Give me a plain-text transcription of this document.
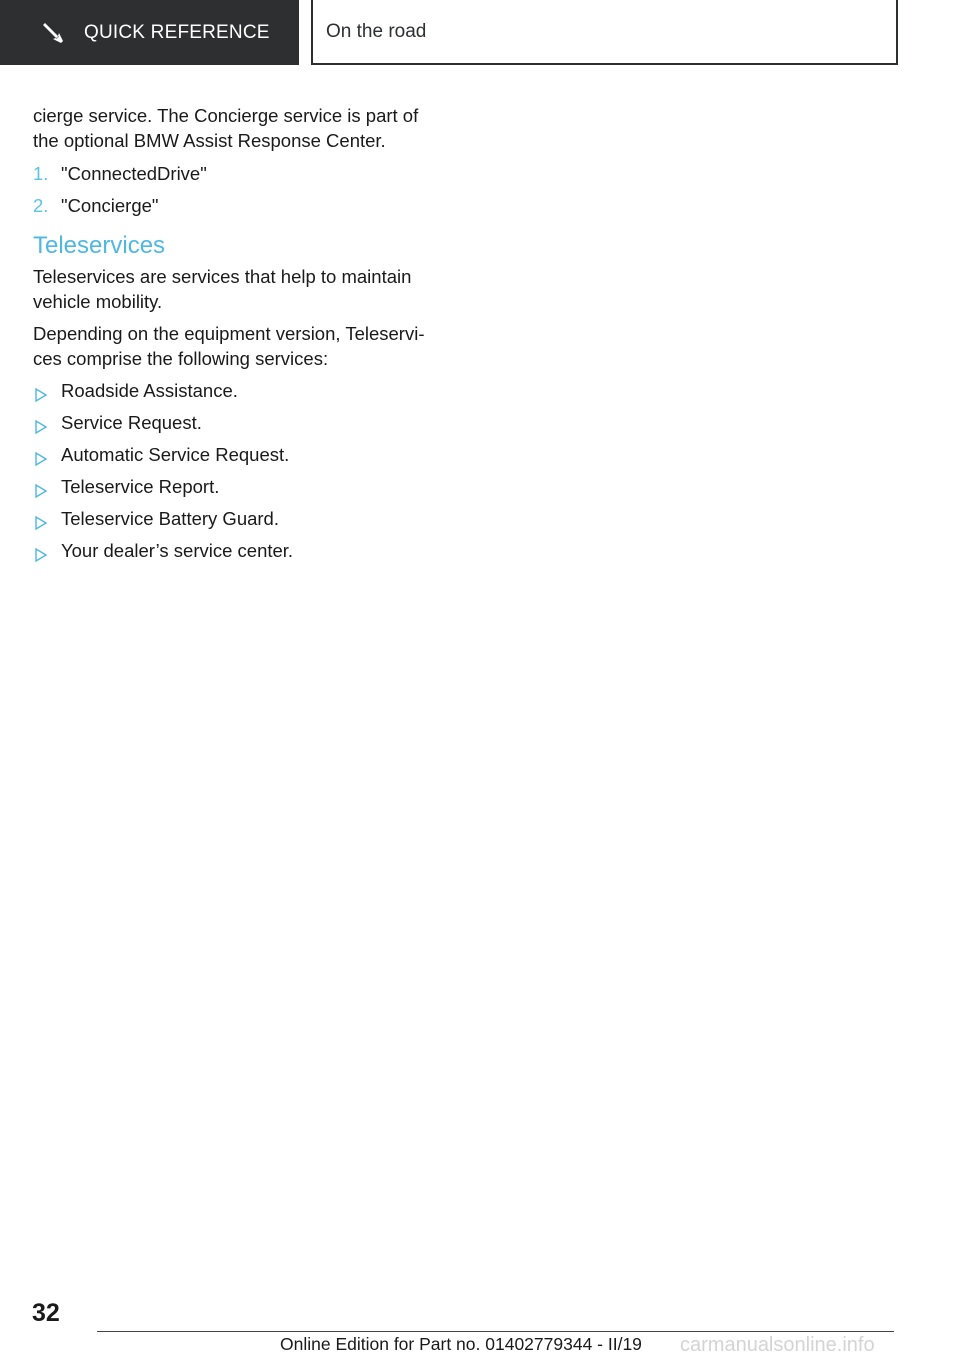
QUICK REFERENCE	On the road

cierge service. The Concierge service is part of the optional BMW Assist Response Center.

1. "ConnectedDrive"
2. "Concierge"
Teleservices

Teleservices are services that help to maintain vehicle mobility.

Depending on the equipment version, Teleservices comprise the following services:

Roadside Assistance.
Service Request.
Automatic Service Request.
Teleservice Report.
Teleservice Battery Guard.
Your dealer’s service center.
32
Online Edition for Part no. 01402779344 - II/19 carmanualsonline.info
